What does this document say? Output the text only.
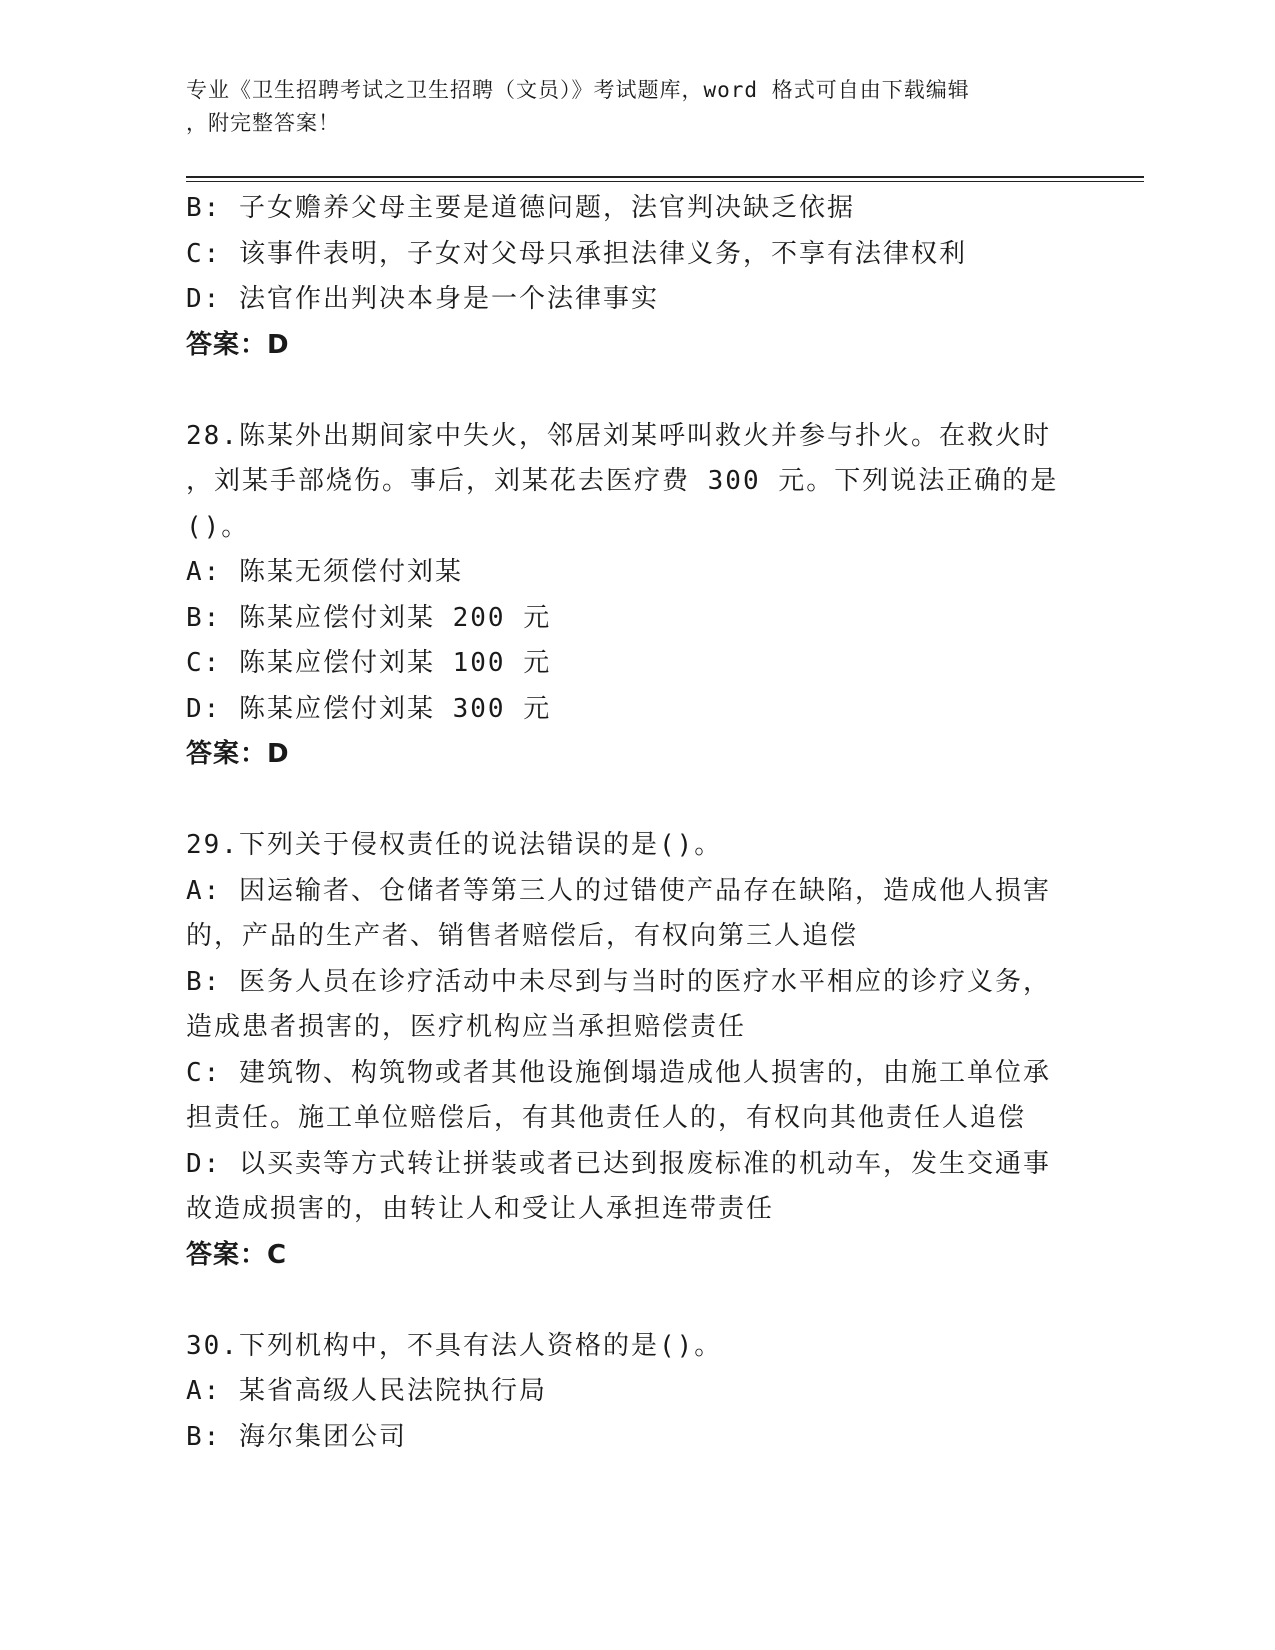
专业《卫生招聘考试之卫生招聘（文员）》考试题库，word 格式可自由下载编辑
，附完整答案！
B: 子女赡养父母主要是道德问题，法官判决缺乏依据
C: 该事件表明，子女对父母只承担法律义务，不享有法律权利
D: 法官作出判决本身是一个法律事实
答案：D
28.陈某外出期间家中失火，邻居刘某呼叫救火并参与扑火。在救火时
，刘某手部烧伤。事后，刘某花去医疗费 300 元。下列说法正确的是
()。
A: 陈某无须偿付刘某
B: 陈某应偿付刘某 200 元
C: 陈某应偿付刘某 100 元
D: 陈某应偿付刘某 300 元
答案：D
29.下列关于侵权责任的说法错误的是()。
A: 因运输者、仓储者等第三人的过错使产品存在缺陷，造成他人损害
的，产品的生产者、销售者赔偿后，有权向第三人追偿
B: 医务人员在诊疗活动中未尽到与当时的医疗水平相应的诊疗义务，
造成患者损害的，医疗机构应当承担赔偿责任
C: 建筑物、构筑物或者其他设施倒塌造成他人损害的，由施工单位承
担责任。施工单位赔偿后，有其他责任人的，有权向其他责任人追偿
D: 以买卖等方式转让拼装或者已达到报废标准的机动车，发生交通事
故造成损害的，由转让人和受让人承担连带责任
答案：C
30.下列机构中，不具有法人资格的是()。
A: 某省高级人民法院执行局
B: 海尔集团公司
